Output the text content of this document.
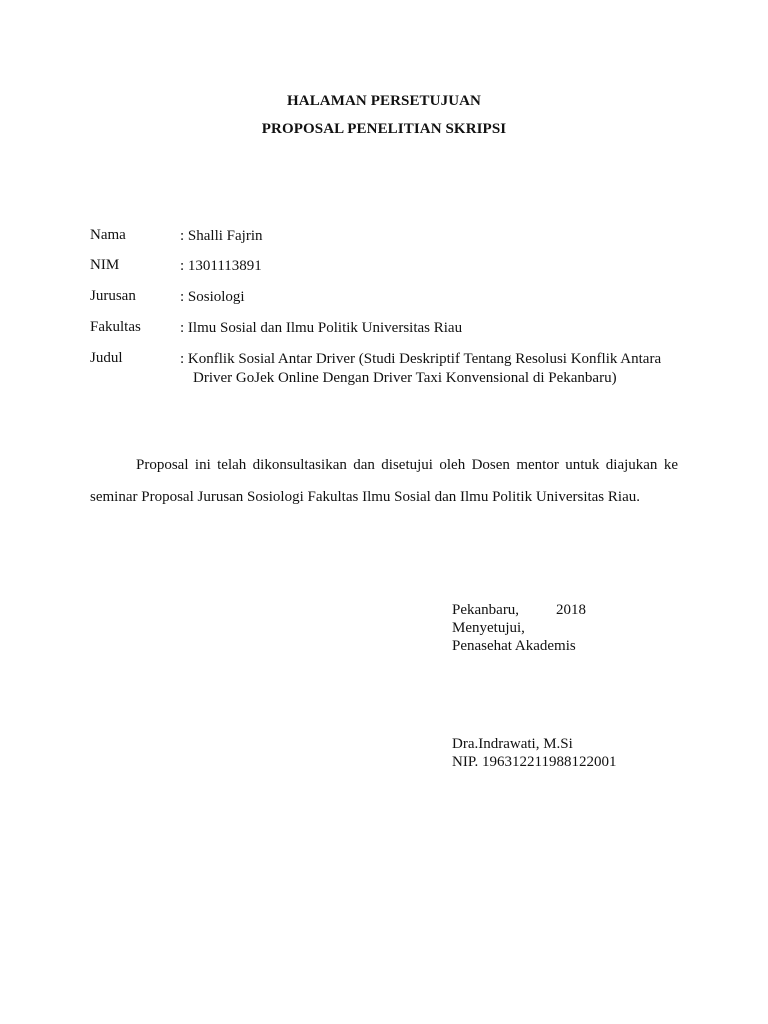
HALAMAN PERSETUJUAN
PROPOSAL PENELITIAN SKRIPSI
Nama	: Shalli Fajrin
NIM	: 1301113891
Jurusan	: Sosiologi
Fakultas	: Ilmu Sosial dan Ilmu Politik Universitas Riau
Judul	: Konflik Sosial Antar Driver (Studi Deskriptif Tentang Resolusi Konflik Antara
Driver GoJek Online Dengan Driver Taxi Konvensional di Pekanbaru)
Proposal ini telah dikonsultasikan dan disetujui oleh Dosen mentor untuk diajukan ke
seminar Proposal Jurusan Sosiologi Fakultas Ilmu Sosial dan Ilmu Politik Universitas Riau.
Pekanbaru, 2018
Menyetujui,
Penasehat Akademis
Dra.Indrawati, M.Si
NIP. 196312211988122001
